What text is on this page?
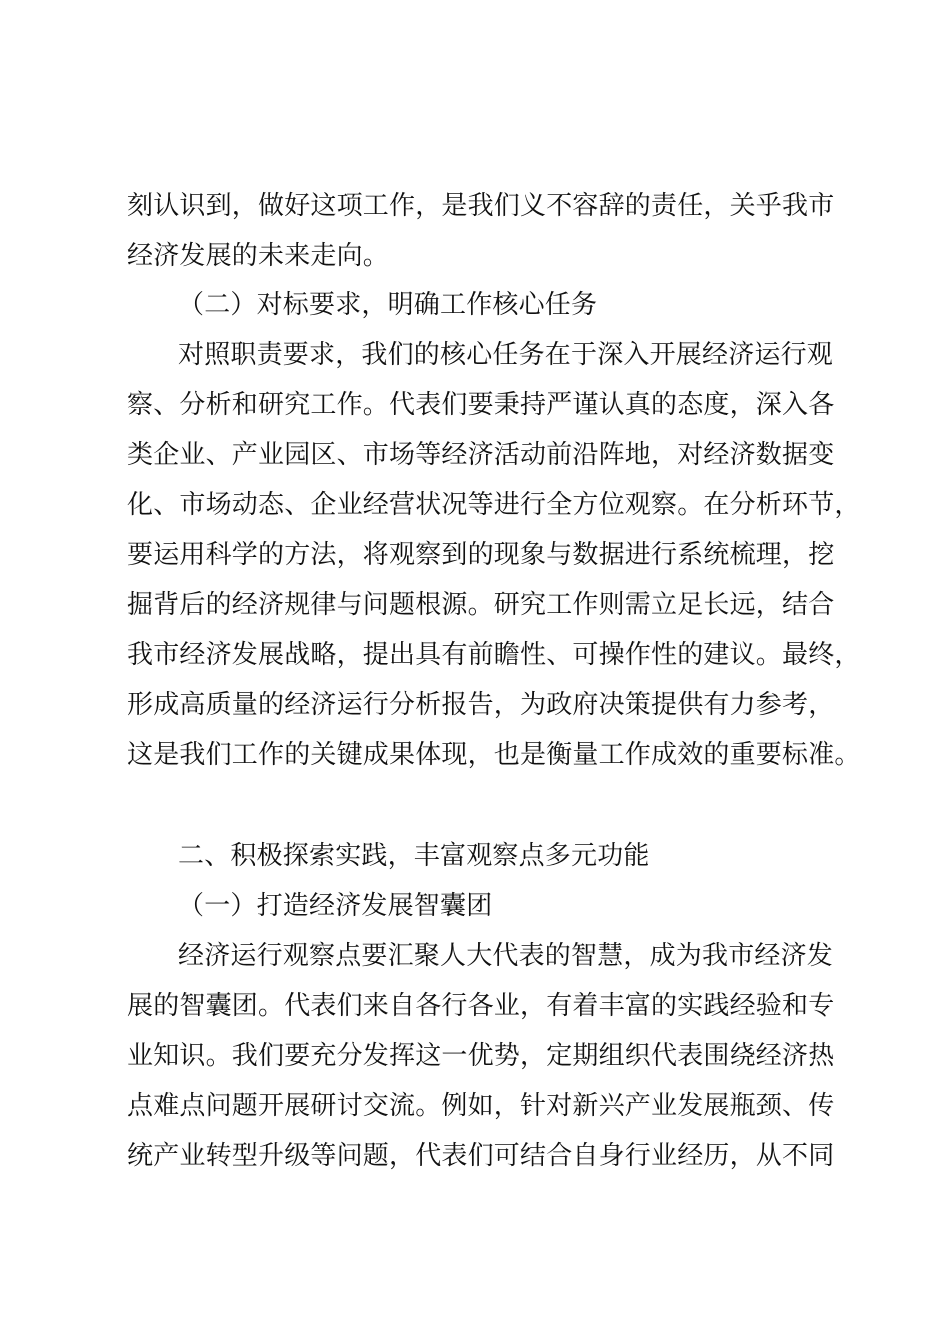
刻认识到，做好这项工作，是我们义不容辞的责任，关乎我市
经济发展的未来走向。
（二）对标要求，明确工作核心任务
对照职责要求，我们的核心任务在于深入开展经济运行观
察、分析和研究工作。代表们要秉持严谨认真的态度，深入各
类企业、产业园区、市场等经济活动前沿阵地，对经济数据变
化、市场动态、企业经营状况等进行全方位观察。在分析环节，
要运用科学的方法，将观察到的现象与数据进行系统梳理，挖
掘背后的经济规律与问题根源。研究工作则需立足长远，结合
我市经济发展战略，提出具有前瞻性、可操作性的建议。最终，
形成高质量的经济运行分析报告，为政府决策提供有力参考，
这是我们工作的关键成果体现，也是衡量工作成效的重要标准。
二、积极探索实践，丰富观察点多元功能
（一）打造经济发展智囊团
经济运行观察点要汇聚人大代表的智慧，成为我市经济发
展的智囊团。代表们来自各行各业，有着丰富的实践经验和专
业知识。我们要充分发挥这一优势，定期组织代表围绕经济热
点难点问题开展研讨交流。例如，针对新兴产业发展瓶颈、传
统产业转型升级等问题，代表们可结合自身行业经历，从不同
